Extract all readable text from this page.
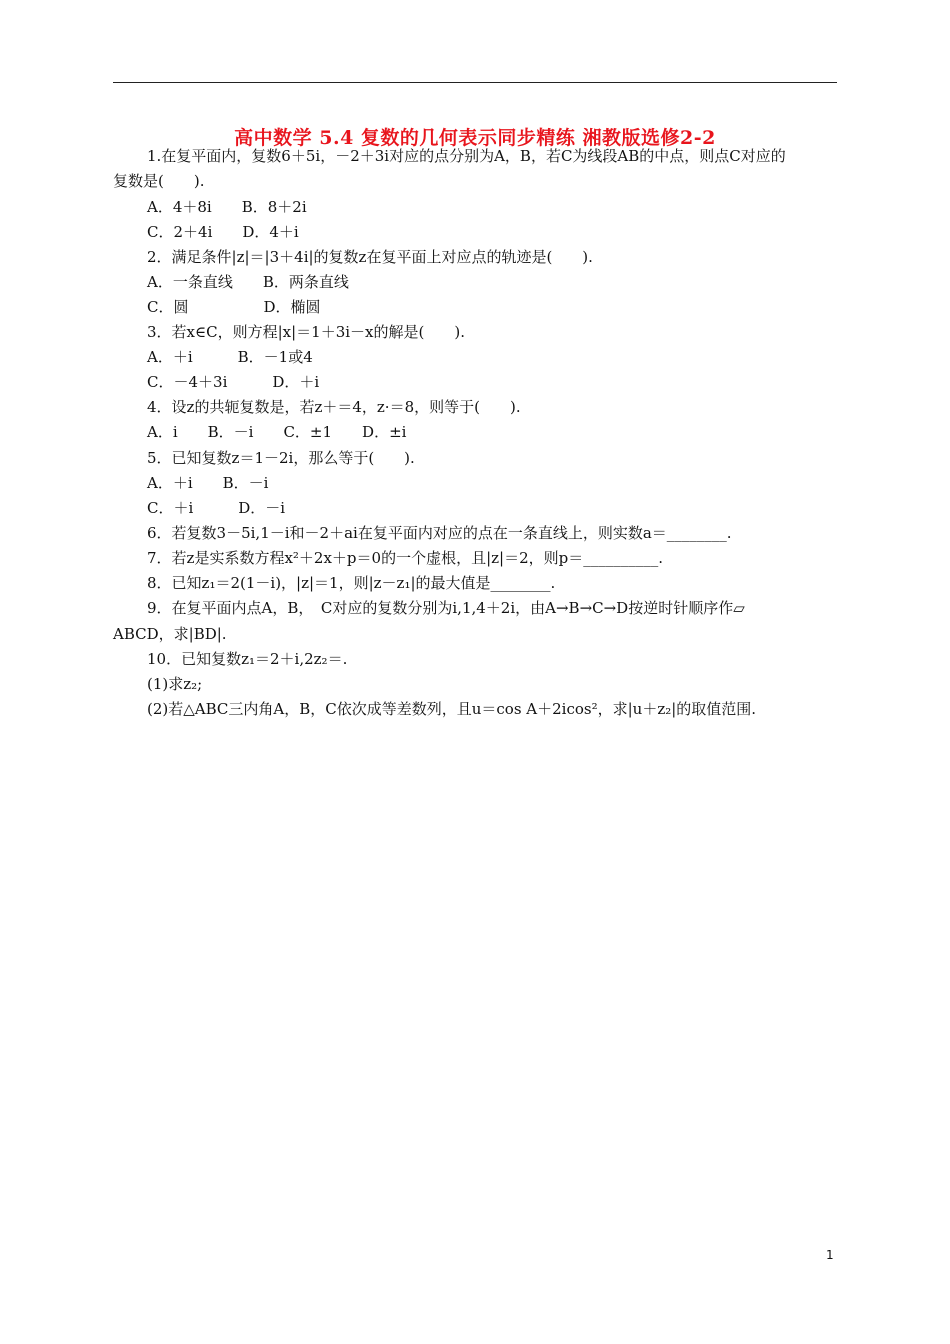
高中数学 5.4 复数的几何表示同步精练 湘教版选修2-2
1.在复平面内，复数6＋5i，－2＋3i对应的点分别为A，B，若C为线段AB的中点，则点C对应的
复数是(　　).
A．4＋8i　　B．8＋2i
C．2＋4i　　D．4＋i
2．满足条件|z|＝|3＋4i|的复数z在复平面上对应点的轨迹是(　　).
A．一条直线　　B．两条直线
C．圆　　　　　D．椭圆
3．若x∈C，则方程|x|＝1＋3i－x的解是(　　).
A．＋i　　　B．－1或4
C．－4＋3i　　　D．＋i
4．设z的共轭复数是，若z＋＝4，z·＝8，则等于(　　).
A．i　　B．－i　　C．±1　　D．±i
5．已知复数z＝1－2i，那么等于(　　).
A．＋i　　B．－i
C．＋i　　　D．－i
6．若复数3－5i,1－i和－2＋ai在复平面内对应的点在一条直线上，则实数a＝________.
7．若z是实系数方程x²＋2x＋p＝0的一个虚根，且|z|＝2，则p＝__________.
8．已知z₁＝2(1－i)，|z|＝1，则|z－z₁|的最大值是________.
9．在复平面内点A，B，　C对应的复数分别为i,1,4＋2i，由A→B→C→D按逆时针顺序作▱
ABCD，求|BD|.
10．已知复数z₁＝2＋i,2z₂＝.
(1)求z₂;
(2)若△ABC三内角A，B，C依次成等差数列，且u＝cos A＋2icos²，求|u＋z₂|的取值范围.
1
